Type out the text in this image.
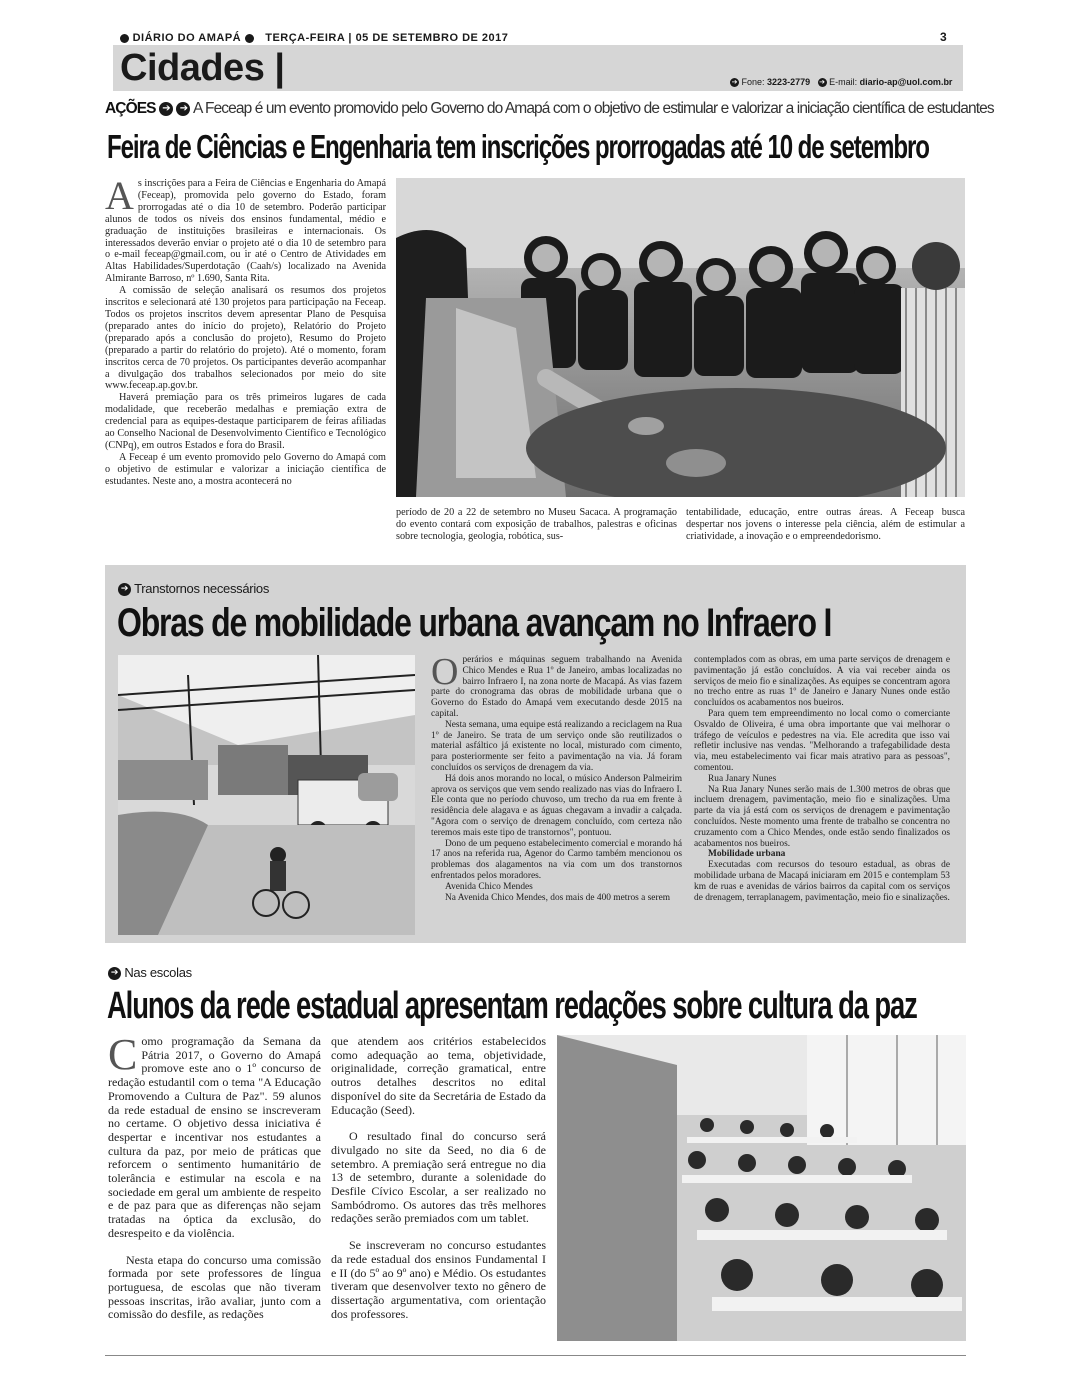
DIÁRIO DO AMAPÁ TERÇA-FEIRA | 05 DE SETEMBRO DE 2017	3
Cidades |	➔ Fone: 3223-2779 ➔ E-mail: diario-ap@uol.com.br
AÇÕES ➔ ➔ A Feceap é um evento promovido pelo Governo do Amapá com o objetivo de estimular e valorizar a iniciação científica de estudantes
Feira de Ciências e Engenharia tem inscrições prorrogadas até 10 de setembro
A s inscrições para a Feira de Ciências e Engenharia do Amapá (Feceap), promovida pelo governo do Estado, foram prorrogadas até o dia 10 de setembro. Poderão participar alunos de todos os níveis dos ensinos fundamental, médio e graduação de instituições brasileiras e internacionais. Os interessados deverão enviar o projeto até o dia 10 de setembro para o e-mail feceap@gmail.com, ou ir até o Centro de Atividades em Altas Habilidades/Superdotação (Caah/s) localizado na Avenida Almirante Barroso, nº 1.690, Santa Rita.

A comissão de seleção analisará os resumos dos projetos inscritos e selecionará até 130 projetos para participação na Feceap. Todos os projetos inscritos devem apresentar Plano de Pesquisa (preparado antes do início do projeto), Relatório do Projeto (preparado após a conclusão do projeto), Resumo do Projeto (preparado a partir do relatório do projeto). Até o momento, foram inscritos cerca de 70 projetos. Os participantes deverão acompanhar a divulgação dos trabalhos selecionados por meio do site www.feceap.ap.gov.br.

Haverá premiação para os três primeiros lugares de cada modalidade, que receberão medalhas e premiação extra de credencial para as equipes-destaque participarem de feiras afiliadas ao Conselho Nacional de Desenvolvimento Científico e Tecnológico (CNPq), em outros Estados e fora do Brasil.

A Feceap é um evento promovido pelo Governo do Amapá com o objetivo de estimular e valorizar a iniciação científica de estudantes. Neste ano, a mostra acontecerá no

período de 20 a 22 de setembro no Museu Sacaca. A programação do evento contará com exposição de trabalhos, palestras e oficinas sobre tecnologia, geologia, robótica, sus-

tentabilidade, educação, entre outras áreas. A Feceap busca despertar nos jovens o interesse pela ciência, além de estimular a criatividade, a inovação e o empreendedorismo.

➔ Transtornos necessários
Obras de mobilidade urbana avançam no Infraero I
O perários e máquinas seguem trabalhando na Avenida Chico Mendes e Rua 1º de Janeiro, ambas localizadas no bairro Infraero I, na zona norte de Macapá. As vias fazem parte do cronograma das obras de mobilidade urbana que o Governo do Estado do Amapá vem executando desde 2015 na capital.

Nesta semana, uma equipe está realizando a reciclagem na Rua 1º de Janeiro. Se trata de um serviço onde são reutilizados o material asfáltico já existente no local, misturado com cimento, para posteriormente ser feito a pavimentação na via. Já foram concluídos os serviços de drenagem da via.

Há dois anos morando no local, o músico Anderson Palmeirim aprova os serviços que vem sendo realizado nas vias do Infraero I. Ele conta que no período chuvoso, um trecho da rua em frente à residência dele alagava e as águas chegavam a invadir a calçada. "Agora com o serviço de drenagem concluído, com certeza não teremos mais este tipo de transtornos", pontuou.

Dono de um pequeno estabelecimento comercial e morando há 17 anos na referida rua, Agenor do Carmo também mencionou os problemas dos alagamentos na via com um dos transtornos enfrentados pelos moradores.

Avenida Chico Mendes

Na Avenida Chico Mendes, dos mais de 400 metros a serem

contemplados com as obras, em uma parte serviços de drenagem e pavimentação já estão concluídos. A via vai receber ainda os serviços de meio fio e sinalizações. As equipes se concentram agora no trecho entre as ruas 1º de Janeiro e Janary Nunes onde estão concluídos os acabamentos nos bueiros.

Para quem tem empreendimento no local como o comerciante Osvaldo de Oliveira, é uma obra importante que vai melhorar o tráfego de veículos e pedestres na via. Ele acredita que isso vai refletir inclusive nas vendas. "Melhorando a trafegabilidade desta via, meu estabelecimento vai ficar mais atrativo para as pessoas", comentou.

Rua Janary Nunes

Na Rua Janary Nunes serão mais de 1.300 metros de obras que incluem drenagem, pavimentação, meio fio e sinalizações. Uma parte da via já está com os serviços de drenagem e pavimentação concluídos. Neste momento uma frente de trabalho se concentra no cruzamento com a Chico Mendes, onde estão sendo finalizados os acabamentos nos bueiros.

Mobilidade urbana

Executadas com recursos do tesouro estadual, as obras de mobilidade urbana de Macapá iniciaram em 2015 e contemplam 53 km de ruas e avenidas de vários bairros da capital com os serviços de drenagem, terraplanagem, pavimentação, meio fio e sinalizações.

➔ Nas escolas
Alunos da rede estadual apresentam redações sobre cultura da paz
C omo programação da Semana da Pátria 2017, o Governo do Amapá promove este ano o 1º concurso de redação estudantil com o tema "A Educação Promovendo a Cultura de Paz". 59 alunos da rede estadual de ensino se inscreveram no certame. O objetivo dessa iniciativa é despertar e incentivar nos estudantes a cultura da paz, por meio de práticas que reforcem o sentimento humanitário de tolerância e estimular na escola e na sociedade em geral um ambiente de respeito e de paz para que as diferenças não sejam tratadas na óptica da exclusão, do desrespeito e da violência.

Nesta etapa do concurso uma comissão formada por sete professores de língua portuguesa, de escolas que não tiveram pessoas inscritas, irão avaliar, junto com a comissão do desfile, as redações

que atendem aos critérios estabelecidos como adequação ao tema, objetividade, originalidade, correção gramatical, entre outros detalhes descritos no edital disponível do site da Secretária de Estado da Educação (Seed).

O resultado final do concurso será divulgado no site da Seed, no dia 6 de setembro. A premiação será entregue no dia 13 de setembro, durante a solenidade do Desfile Cívico Escolar, a ser realizado no Sambódromo. Os autores das três melhores redações serão premiados com um tablet.

Se inscreveram no concurso estudantes da rede estadual dos ensinos Fundamental I e II (do 5º ao 9º ano) e Médio. Os estudantes tiveram que desenvolver texto no gênero de dissertação argumentativa, com orientação dos professores.
